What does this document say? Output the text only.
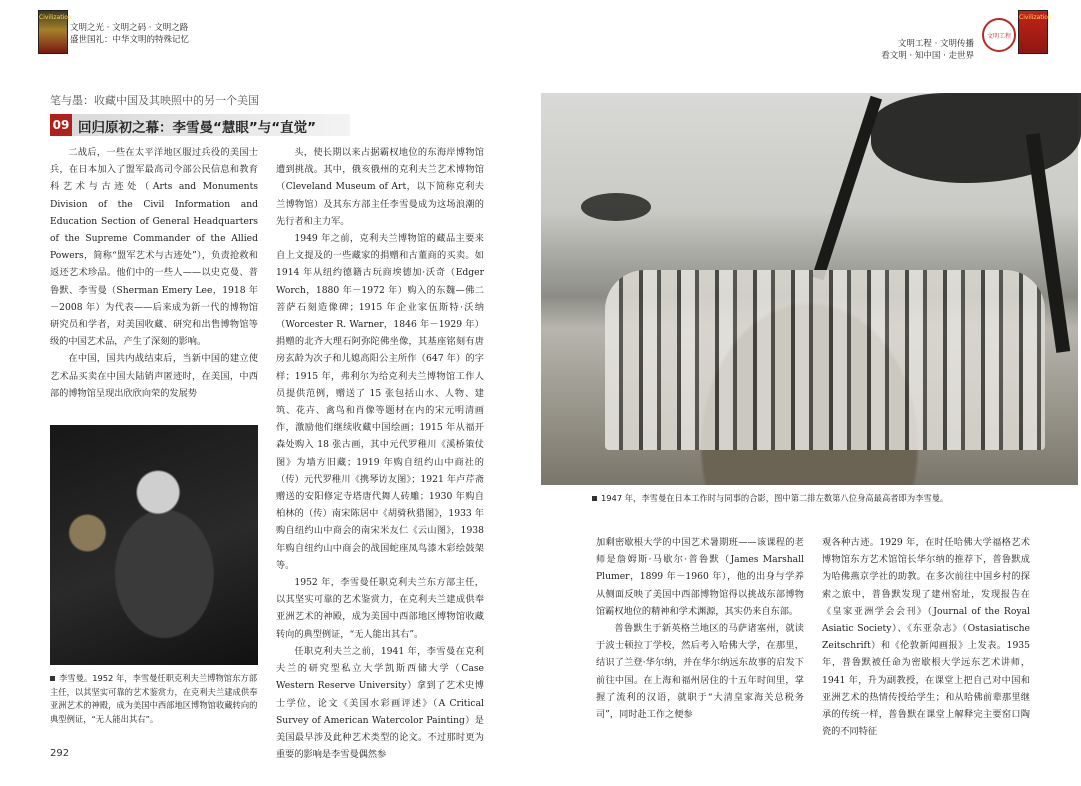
Civilization
文明之光 · 文明之码 · 文明之路
盛世国礼：中华文明的特殊记忆	文明工程 · 文明传播
看文明 · 知中国 · 走世界
文明工程
Civilization
笔与墨：收藏中国及其映照中的另一个美国
09 回归原初之幕：李雪曼“慧眼”与“直觉”

二战后，一些在太平洋地区服过兵役的美国士兵，在日本加入了盟军最高司令部公民信息和教育科艺术与古迹处（Arts and Monuments Division of the Civil Information and Education Section of General Headquarters of the Supreme Commander of the Allied Powers，简称“盟军艺术与古迹处”），负责抢救和返还艺术珍品。他们中的一些人——以史克曼、普鲁默、李雪曼（Sherman Emery Lee，1918 年－2008 年）为代表——后来成为新一代的博物馆研究员和学者，对美国收藏、研究和出售博物馆等级的中国艺术品，产生了深刻的影响。

在中国，国共内战结束后，当新中国的建立使艺术品买卖在中国大陆销声匿迹时，在美国，中西部的博物馆呈现出欣欣向荣的发展势

李雪曼。1952 年，李雪曼任职克利夫兰博物馆东方部主任，以其坚实可靠的艺术鉴赏力，在克利夫兰建成供奉亚洲艺术的神殿，成为美国中西部地区博物馆收藏转向的典型例证，“无人能出其右”。

头，使长期以来占据霸权地位的东海岸博物馆遭到挑战。其中，俄亥俄州的克利夫兰艺术博物馆（Cleveland Museum of Art，以下简称克利夫兰博物馆）及其东方部主任李雪曼成为这场浪潮的先行者和主力军。

1949 年之前，克利夫兰博物馆的藏品主要来自上文提及的一些藏家的捐赠和古董商的买卖。如 1914 年从纽约德籍古玩商埃德加·沃奇（Edger Worch，1880 年－1972 年）购入的东魏—佛二菩萨石刻造像碑；1915 年企业家伍斯特·沃纳（Worcester R. Warner，1846 年－1929 年）捐赠的北齐大理石阿弥陀佛坐像，其基座铭刻有唐房玄龄为次子和儿媳高阳公主所作（647 年）的字样；1915 年，弗利尔为给克利夫兰博物馆工作人员提供范例，赠送了 15 张包括山水、人物、建筑、花卉、禽鸟和肖像等题材在内的宋元明清画作，激励他们继续收藏中国绘画；1915 年从福开森处购入 18 张古画，其中元代罗稚川《溪桥策仗图》为墙方旧藏；1919 年购自纽约山中商社的（传）元代罗稚川《携琴访友图》；1921 年卢芹斋赠送的安阳修定寺塔唐代舞人砖雕；1930 年购自柏林的（传）南宋陈居中《胡骑秋猎图》，1933 年购自纽约山中商会的南宋米友仁《云山图》，1938 年购自纽约山中商会的战国蛇座凤鸟漆木彩绘鼓架等。

1952 年，李雪曼任职克利夫兰东方部主任，以其坚实可靠的艺术鉴赏力，在克利夫兰建成供奉亚洲艺术的神殿，成为美国中西部地区博物馆收藏转向的典型例证，“无人能出其右”。

任职克利夫兰之前，1941 年，李雪曼在克利夫兰的研究型私立大学凯斯西储大学（Case Western Reserve University）拿到了艺术史博士学位，论文《美国水彩画评述》（A Critical Survey of American Watercolor Painting）是美国最早涉及此种艺术类型的论文。不过那时更为重要的影响是李雪曼偶然参

1947 年，李雪曼在日本工作时与同事的合影，图中第二排左数第八位身高最高者即为李雪曼。

加剩密歇根大学的中国艺术暑期班——该课程的老师是詹姆斯·马歇尔·普鲁默（James Marshall Plumer，1899 年－1960 年），他的出身与学养从侧面反映了美国中西部博物馆得以挑战东部博物馆霸权地位的精神和学术渊源，其实仍来自东部。

普鲁默生于新英格兰地区的马萨诸塞州，就读于波士顿拉丁学校，然后考入哈佛大学，在那里，结识了兰登·华尔纳，并在华尔纳远东故事的启发下前往中国。在上海和福州居住的十五年时间里，掌握了流利的汉语，就职于“大清皇家海关总税务司”，同时赴工作之便参

观各种古迹。1929 年，在时任哈佛大学福格艺术博物馆东方艺术馆馆长华尔纳的推荐下，普鲁默成为哈佛燕京学社的助教。在多次前往中国乡村的探索之旅中，普鲁默发现了建州窑址，发现报告在《皇家亚洲学会会刊》（Journal of the Royal Asiatic Society）、《东亚杂志》（Ostasiatische Zeitschrift）和《伦敦新闻画报》上发表。1935 年，普鲁默被任命为密歇根大学远东艺术讲师，1941 年，升为副教授，在课堂上把自己对中国和亚洲艺术的热情传授给学生；和从哈佛前辈那里继承的传统一样，普鲁默在课堂上解释完主要窑口陶瓷的不同特征

292
